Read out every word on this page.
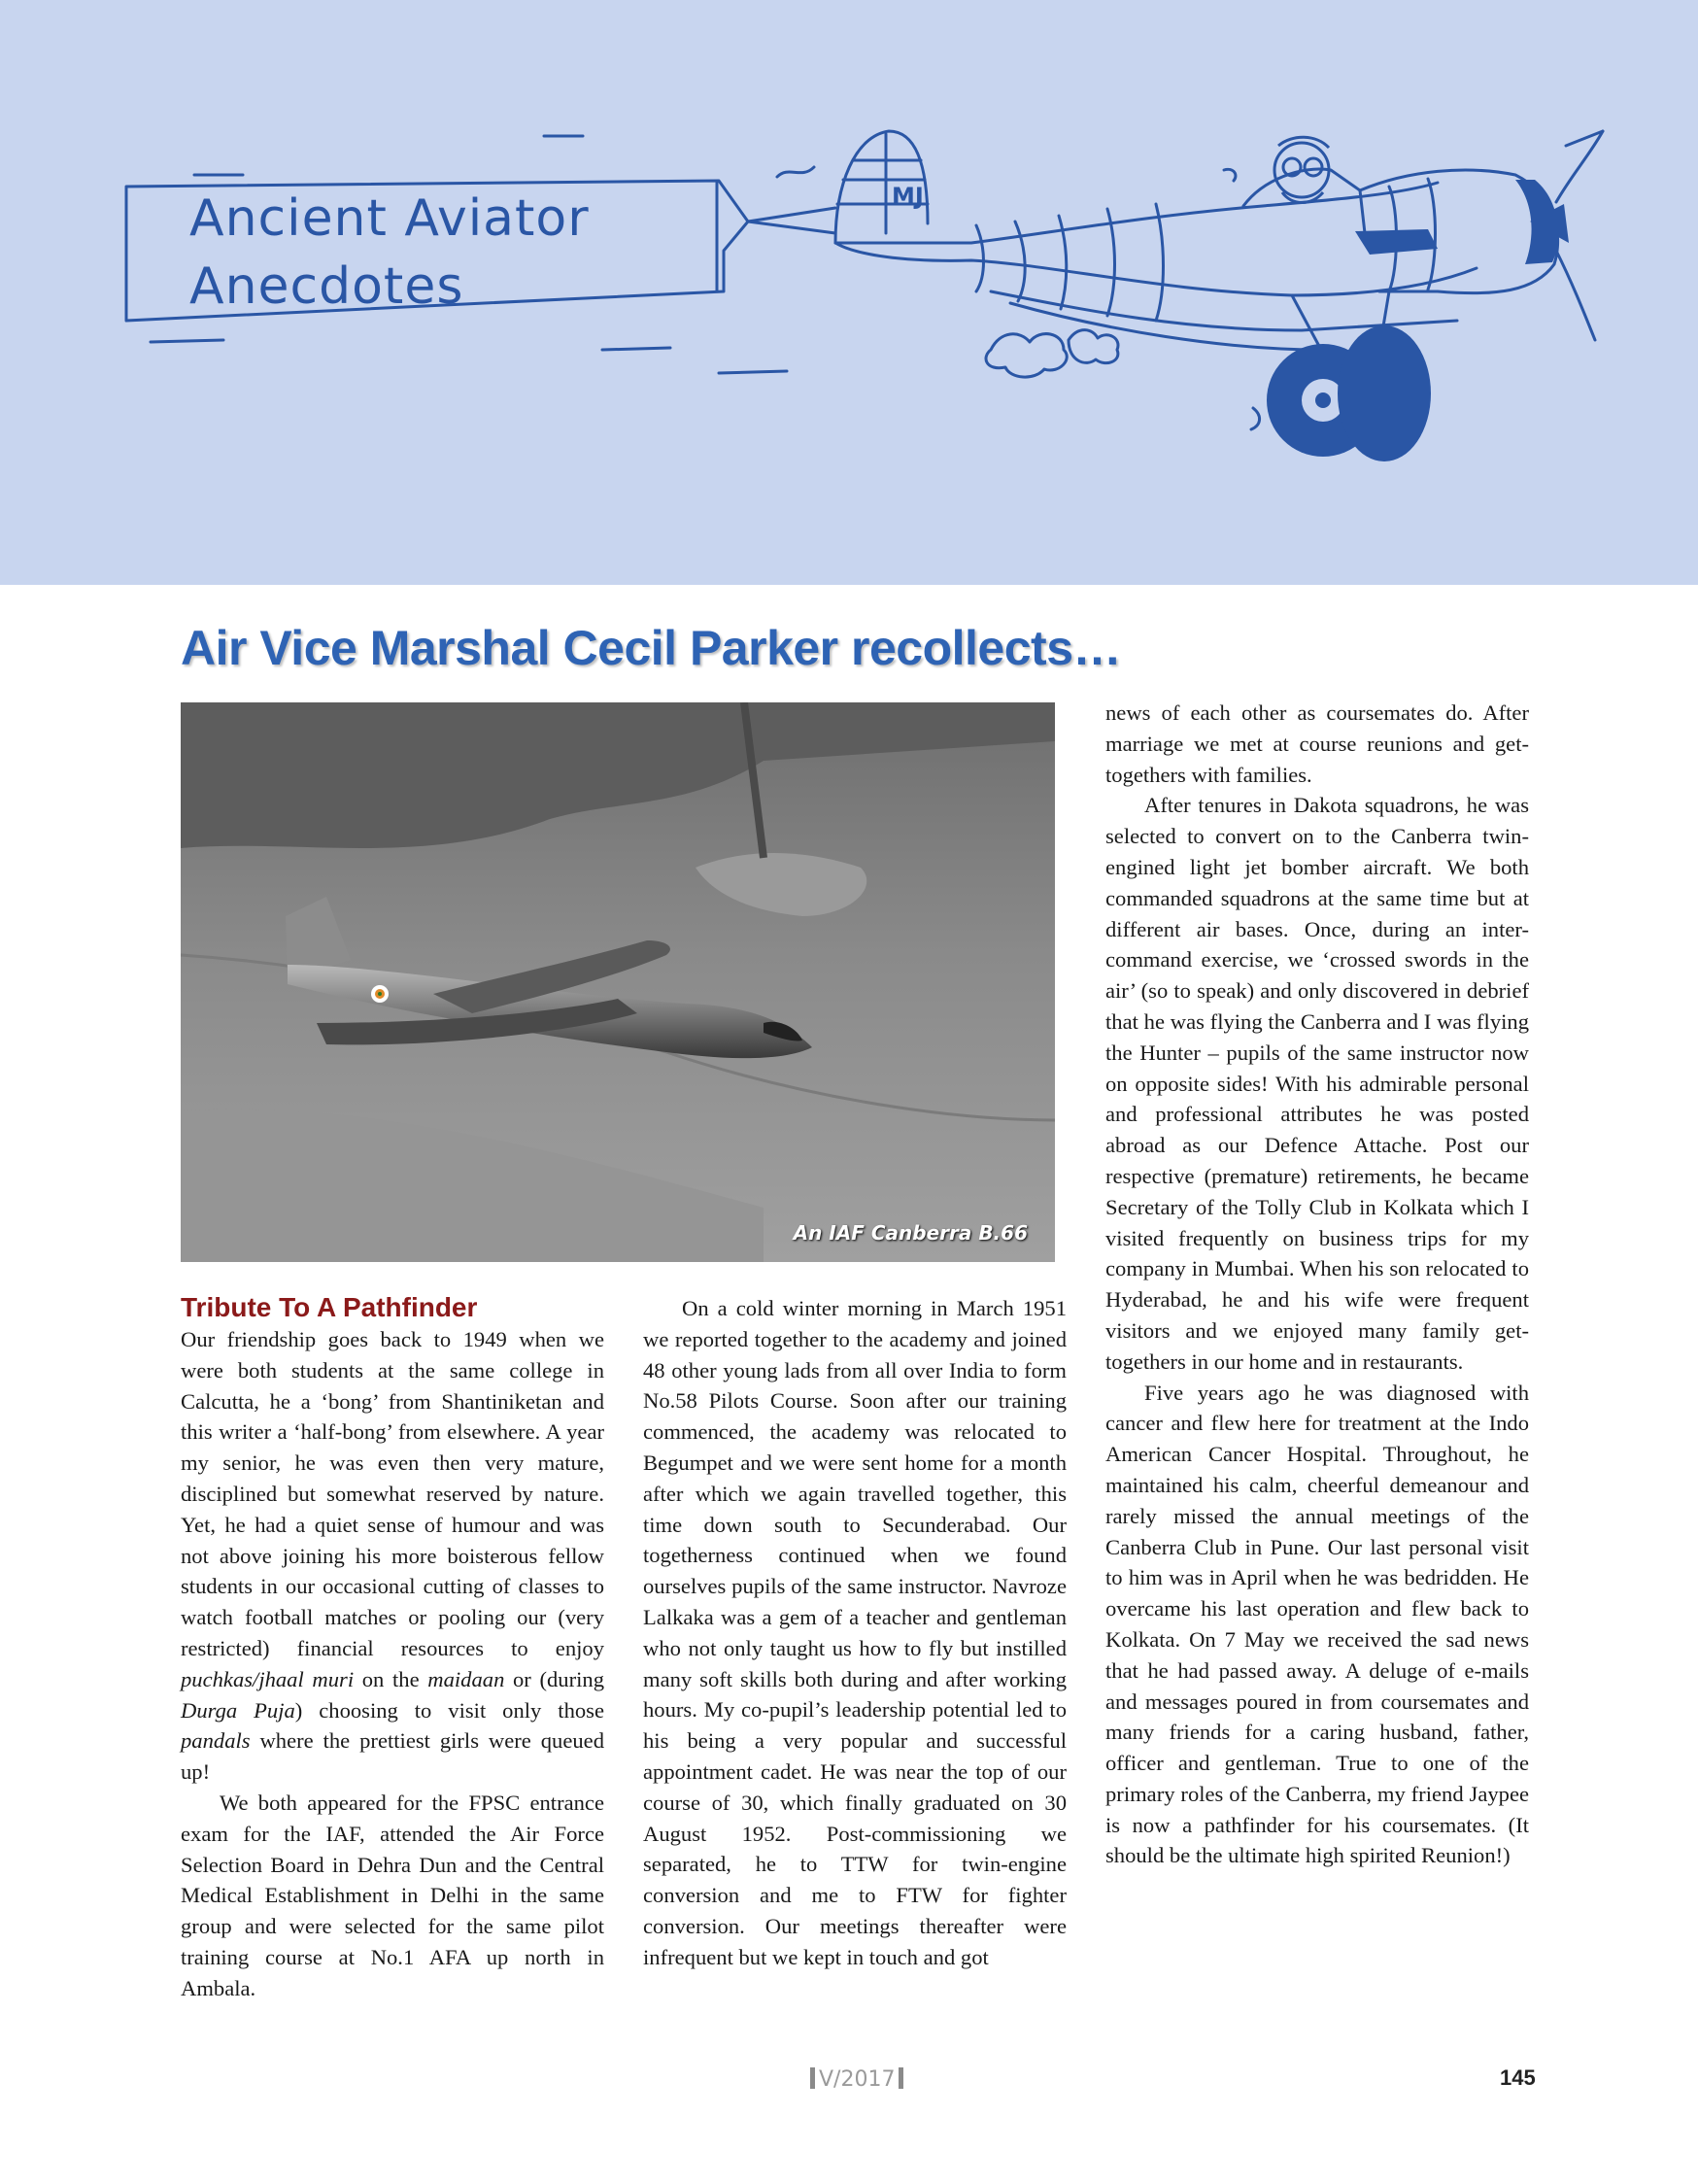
MJ
Ancient Aviator
Anecdotes
Air Vice Marshal Cecil Parker recollects…
An IAF Canberra B.66
Tribute To A Pathfinder

Our friendship goes back to 1949 when we were both students at the same college in Calcutta, he a ‘bong’ from Shantiniketan and this writer a ‘half-bong’ from elsewhere. A year my senior, he was even then very mature, disciplined but somewhat reserved by nature. Yet, he had a quiet sense of humour and was not above joining his more boisterous fellow students in our occasional cutting of classes to watch football matches or pooling our (very restricted) financial resources to enjoy puchkas/jhaal muri on the maidaan or (during Durga Puja) choosing to visit only those pandals where the prettiest girls were queued up!

We both appeared for the FPSC entrance exam for the IAF, attended the Air Force Selection Board in Dehra Dun and the Central Medical Establishment in Delhi in the same group and were selected for the same pilot training course at No.1 AFA up north in Ambala.

On a cold winter morning in March 1951 we reported together to the academy and joined 48 other young lads from all over India to form No.58 Pilots Course. Soon after our training commenced, the academy was relocated to Begumpet and we were sent home for a month after which we again travelled together, this time down south to Secunderabad. Our togetherness continued when we found ourselves pupils of the same instructor. Navroze Lalkaka was a gem of a teacher and gentleman who not only taught us how to fly but instilled many soft skills both during and after working hours. My co-pupil’s leadership potential led to his being a very popular and successful appointment cadet. He was near the top of our course of 30, which finally graduated on 30 August 1952. Post-commissioning we separated, he to TTW for twin-engine conversion and me to FTW for fighter conversion. Our meetings thereafter were infrequent but we kept in touch and got

news of each other as coursemates do. After marriage we met at course reunions and get-togethers with families.

After tenures in Dakota squadrons, he was selected to convert on to the Canberra twin-engined light jet bomber aircraft. We both commanded squadrons at the same time but at different air bases. Once, during an inter-command exercise, we ‘crossed swords in the air’ (so to speak) and only discovered in debrief that he was flying the Canberra and I was flying the Hunter – pupils of the same instructor now on opposite sides! With his admirable personal and professional attributes he was posted abroad as our Defence Attache. Post our respective (premature) retirements, he became Secretary of the Tolly Club in Kolkata which I visited frequently on business trips for my company in Mumbai. When his son relocated to Hyderabad, he and his wife were frequent visitors and we enjoyed many family get-togethers in our home and in restaurants.

Five years ago he was diagnosed with cancer and flew here for treatment at the Indo American Cancer Hospital. Throughout, he maintained his calm, cheerful demeanour and rarely missed the annual meetings of the Canberra Club in Pune. Our last personal visit to him was in April when he was bedridden. He overcame his last operation and flew back to Kolkata. On 7 May we received the sad news that he had passed away. A deluge of e-mails and messages poured in from coursemates and many friends for a caring husband, father, officer and gentleman. True to one of the primary roles of the Canberra, my friend Jaypee is now a pathfinder for his coursemates. (It should be the ultimate high spirited Reunion!)

V/2017	145
